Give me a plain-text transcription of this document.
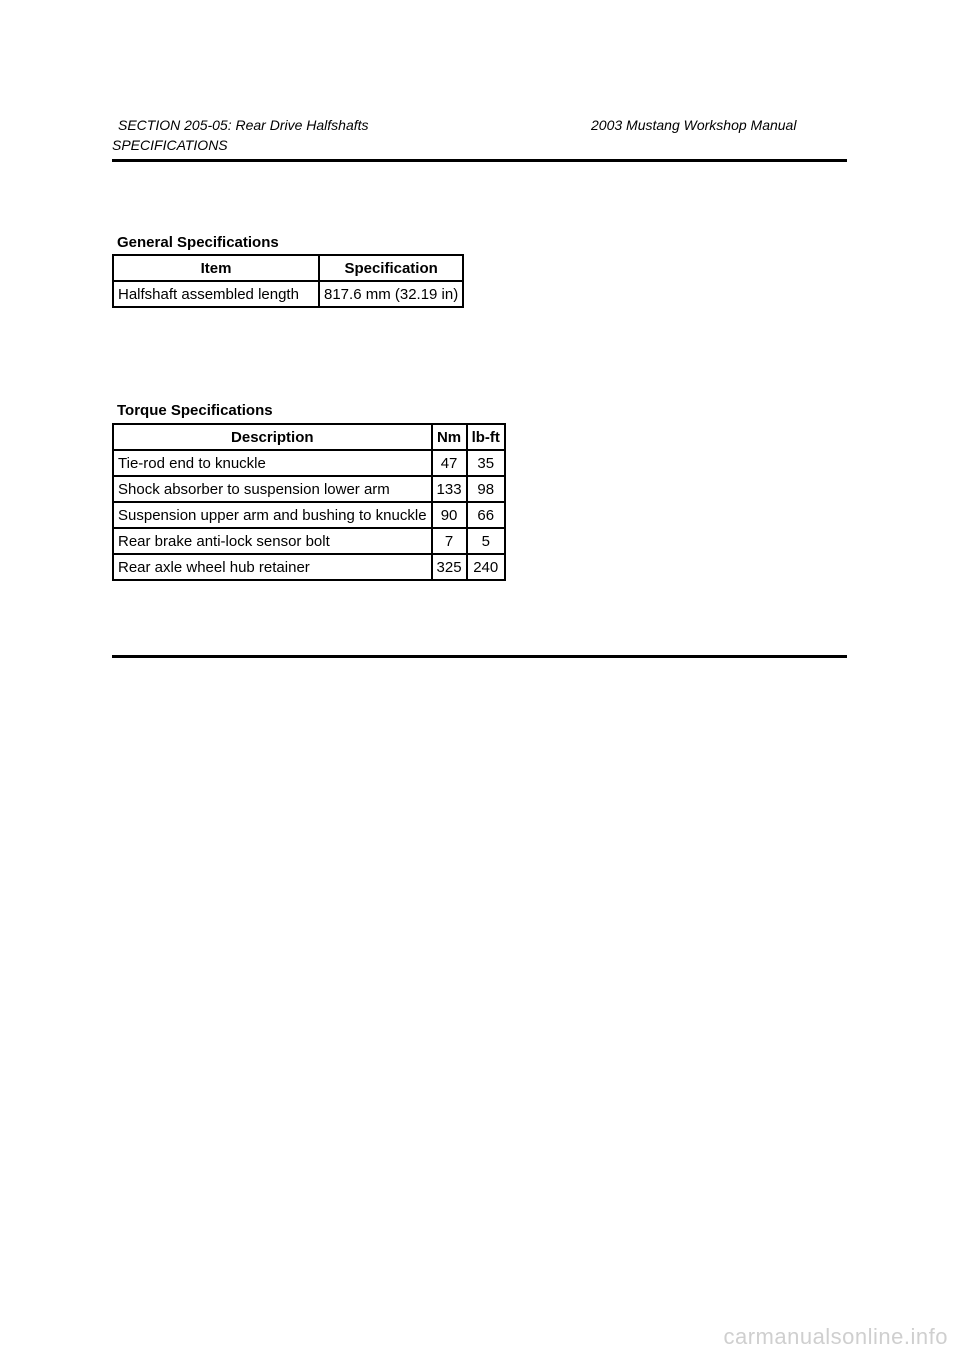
SECTION 205-05: Rear Drive Halfshafts	2003 Mustang Workshop Manual
SPECIFICATIONS
General Specifications
Item	Specification
Halfshaft assembled length	817.6 mm (32.19 in)
Torque Specifications
Description	Nm	lb-ft
Tie-rod end to knuckle	47	35
Shock absorber to suspension lower arm	133	98
Suspension upper arm and bushing to knuckle	90	66
Rear brake anti-lock sensor bolt	7	5
Rear axle wheel hub retainer	325	240
carmanualsonline.info
